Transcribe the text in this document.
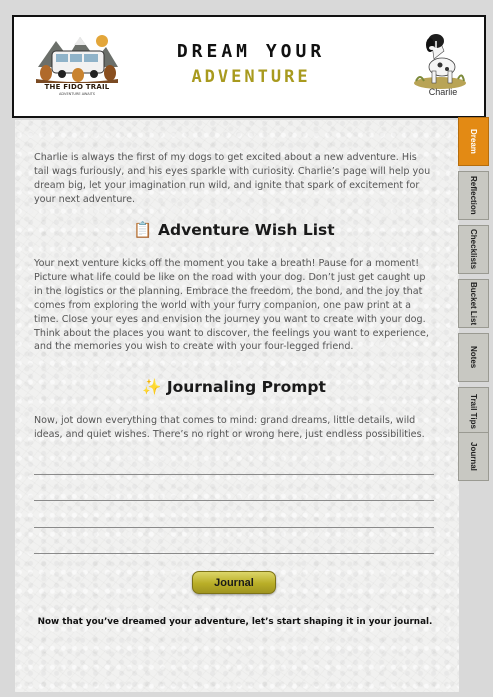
THE FIDO TRAIL
ADVENTURE AWAITS
DREAM YOUR
ADVENTURE
Charlie
Dream
Reflection
Checklists
Bucket List
Notes
Trail Tips
Journal
Charlie is always the first of my dogs to get excited about a new adventure. His tail wags furiously, and his eyes sparkle with curiosity. Charlie’s page will help you dream big, let your imagination run wild, and ignite that spark of excitement for your next adventure.
📋 Adventure Wish List
Your next venture kicks off the moment you take a breath! Pause for a moment! Picture what life could be like on the road with your dog. Don’t just get caught up in the logistics or the planning. Embrace the freedom, the bond, and the joy that comes from exploring the world with your furry companion, one paw print at a time. Close your eyes and envision the journey you want to create with your dog. Think about the places you want to discover, the feelings you want to experience, and the memories you wish to create with your four-legged friend.
✨ Journaling Prompt
Now, jot down everything that comes to mind: grand dreams, little details, wild ideas, and quiet wishes. There’s no right or wrong here, just endless possibilities.
Journal
Now that you’ve dreamed your adventure, let’s start shaping it in your journal.
